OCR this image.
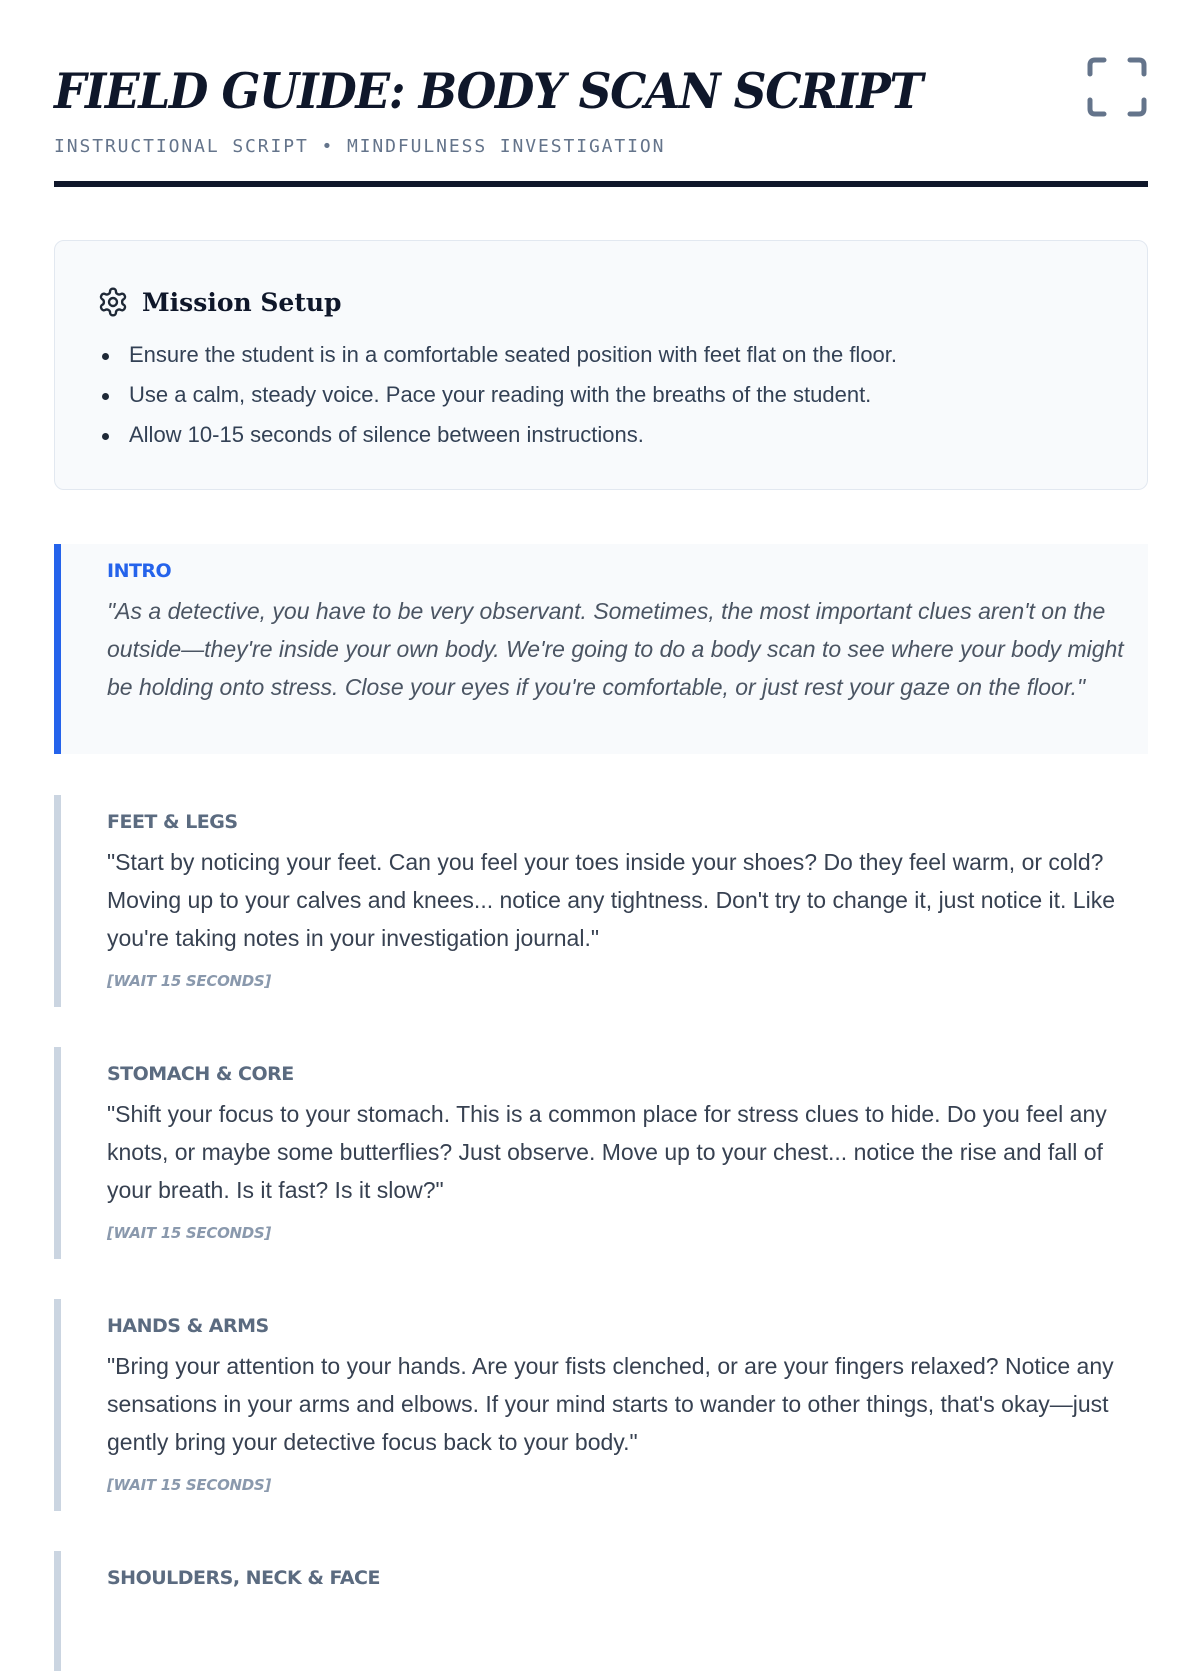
FIELD GUIDE: BODY SCAN SCRIPT
INSTRUCTIONAL SCRIPT • MINDFULNESS INVESTIGATION
Mission Setup
Ensure the student is in a comfortable seated position with feet flat on the floor.
Use a calm, steady voice. Pace your reading with the breaths of the student.
Allow 10-15 seconds of silence between instructions.
INTRO

"As a detective, you have to be very observant. Sometimes, the most important clues aren't on the outside—they're inside your own body. We're going to do a body scan to see where your body might be holding onto stress. Close your eyes if you're comfortable, or just rest your gaze on the floor."

FEET & LEGS

"Start by noticing your feet. Can you feel your toes inside your shoes? Do they feel warm, or cold? Moving up to your calves and knees... notice any tightness. Don't try to change it, just notice it. Like you're taking notes in your investigation journal."

[WAIT 15 SECONDS]
STOMACH & CORE

"Shift your focus to your stomach. This is a common place for stress clues to hide. Do you feel any knots, or maybe some butterflies? Just observe. Move up to your chest... notice the rise and fall of your breath. Is it fast? Is it slow?"

[WAIT 15 SECONDS]
HANDS & ARMS

"Bring your attention to your hands. Are your fists clenched, or are your fingers relaxed? Notice any sensations in your arms and elbows. If your mind starts to wander to other things, that's okay—just gently bring your detective focus back to your body."

[WAIT 15 SECONDS]
SHOULDERS, NECK & FACE
